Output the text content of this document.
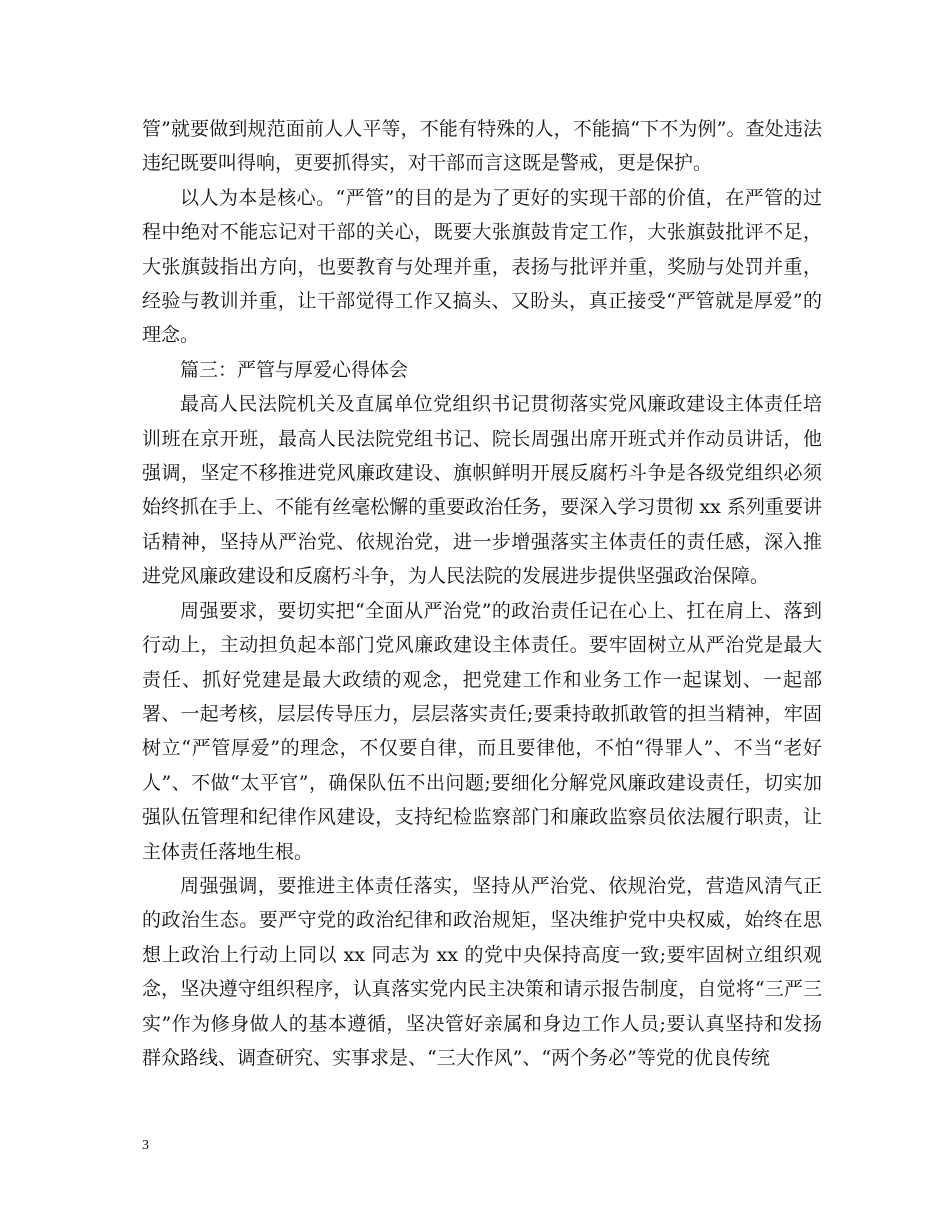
管”就要做到规范面前人人平等，不能有特殊的人，不能搞“下不为例”。查处违法违纪既要叫得响，更要抓得实，对干部而言这既是警戒，更是保护。

以人为本是核心。“严管”的目的是为了更好的实现干部的价值，在严管的过程中绝对不能忘记对干部的关心，既要大张旗鼓肯定工作，大张旗鼓批评不足，大张旗鼓指出方向，也要教育与处理并重，表扬与批评并重，奖励与处罚并重，经验与教训并重，让干部觉得工作又搞头、又盼头，真正接受“严管就是厚爱”的理念。

篇三：严管与厚爱心得体会

最高人民法院机关及直属单位党组织书记贯彻落实党风廉政建设主体责任培训班在京开班，最高人民法院党组书记、院长周强出席开班式并作动员讲话，他强调，坚定不移推进党风廉政建设、旗帜鲜明开展反腐朽斗争是各级党组织必须始终抓在手上、不能有丝毫松懈的重要政治任务，要深入学习贯彻 xx 系列重要讲话精神，坚持从严治党、依规治党，进一步增强落实主体责任的责任感，深入推进党风廉政建设和反腐朽斗争，为人民法院的发展进步提供坚强政治保障。

周强要求，要切实把“全面从严治党”的政治责任记在心上、扛在肩上、落到行动上，主动担负起本部门党风廉政建设主体责任。要牢固树立从严治党是最大责任、抓好党建是最大政绩的观念，把党建工作和业务工作一起谋划、一起部署、一起考核，层层传导压力，层层落实责任;要秉持敢抓敢管的担当精神，牢固树立“严管厚爱”的理念，不仅要自律，而且要律他，不怕“得罪人”、不当“老好人”、不做“太平官”，确保队伍不出问题;要细化分解党风廉政建设责任，切实加强队伍管理和纪律作风建设，支持纪检监察部门和廉政监察员依法履行职责，让主体责任落地生根。

周强强调，要推进主体责任落实，坚持从严治党、依规治党，营造风清气正的政治生态。要严守党的政治纪律和政治规矩，坚决维护党中央权威，始终在思想上政治上行动上同以 xx 同志为 xx 的党中央保持高度一致;要牢固树立组织观念，坚决遵守组织程序，认真落实党内民主决策和请示报告制度，自觉将“三严三实”作为修身做人的基本遵循，坚决管好亲属和身边工作人员;要认真坚持和发扬群众路线、调查研究、实事求是、“三大作风”、“两个务必”等党的优良传统

3
